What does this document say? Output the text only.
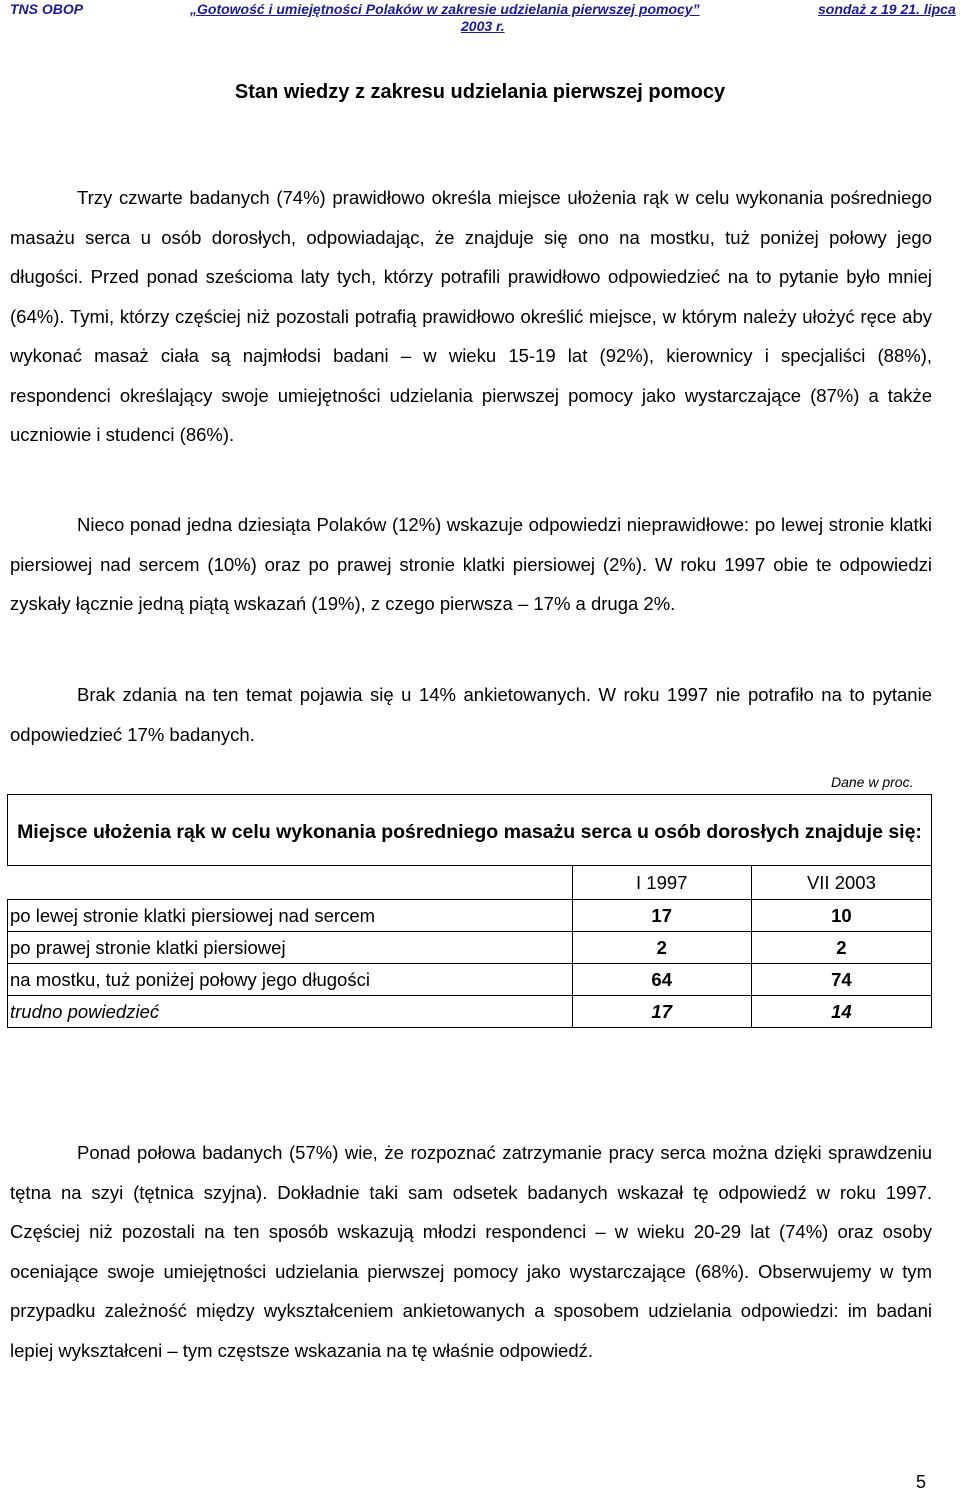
TNS OBOP	„Gotowość i umiejętności Polaków w zakresie udzielania pierwszej pomocy”	sondaż z 19 21. lipca
2003 r.
Stan wiedzy z zakresu udzielania pierwszej pomocy

Trzy czwarte badanych (74%) prawidłowo określa miejsce ułożenia rąk w celu wykonania pośredniego masażu serca u osób dorosłych, odpowiadając, że znajduje się ono na mostku, tuż poniżej połowy jego długości. Przed ponad sześcioma laty tych, którzy potrafili prawidłowo odpowiedzieć na to pytanie było mniej (64%). Tymi, którzy częściej niż pozostali potrafią prawidłowo określić miejsce, w którym należy ułożyć ręce aby wykonać masaż ciała są najmłodsi badani – w wieku 15-19 lat (92%), kierownicy i specjaliści (88%), respondenci określający swoje umiejętności udzielania pierwszej pomocy jako wystarczające (87%) a także uczniowie i studenci (86%).

Nieco ponad jedna dziesiąta Polaków (12%) wskazuje odpowiedzi nieprawidłowe: po lewej stronie klatki piersiowej nad sercem (10%) oraz po prawej stronie klatki piersiowej (2%). W roku 1997 obie te odpowiedzi zyskały łącznie jedną piątą wskazań (19%), z czego pierwsza – 17% a druga 2%.

Brak zdania na ten temat pojawia się u 14% ankietowanych. W roku 1997 nie potrafiło na to pytanie odpowiedzieć 17% badanych.

Dane w proc.
Miejsce ułożenia rąk w celu wykonania pośredniego masażu serca u osób dorosłych znajduje się:		
	I 1997	VII 2003
po lewej stronie klatki piersiowej nad sercem	17	10
po prawej stronie klatki piersiowej	2	2
na mostku, tuż poniżej połowy jego długości	64	74
trudno powiedzieć	17	14

Ponad połowa badanych (57%) wie, że rozpoznać zatrzymanie pracy serca można dzięki sprawdzeniu tętna na szyi (tętnica szyjna). Dokładnie taki sam odsetek badanych wskazał tę odpowiedź w roku 1997. Częściej niż pozostali na ten sposób wskazują młodzi respondenci – w wieku 20-29 lat (74%) oraz osoby oceniające swoje umiejętności udzielania pierwszej pomocy jako wystarczające (68%). Obserwujemy w tym przypadku zależność między wykształceniem ankietowanych a sposobem udzielania odpowiedzi: im badani lepiej wykształceni – tym częstsze wskazania na tę właśnie odpowiedź.

5
